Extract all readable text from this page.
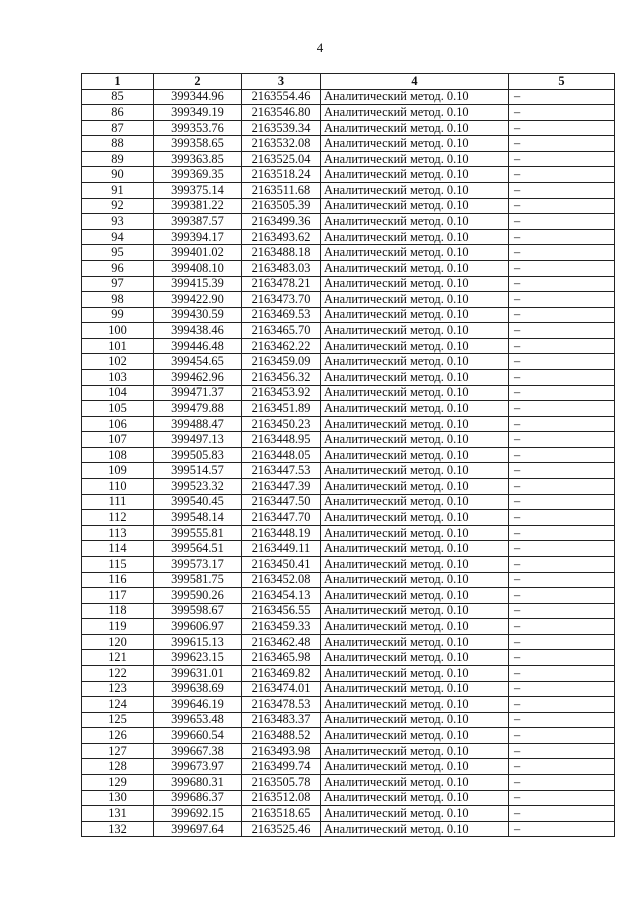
4
1	2	3	4	5
85	399344.96	2163554.46	Аналитический метод. 0.10	–
86	399349.19	2163546.80	Аналитический метод. 0.10	–
87	399353.76	2163539.34	Аналитический метод. 0.10	–
88	399358.65	2163532.08	Аналитический метод. 0.10	–
89	399363.85	2163525.04	Аналитический метод. 0.10	–
90	399369.35	2163518.24	Аналитический метод. 0.10	–
91	399375.14	2163511.68	Аналитический метод. 0.10	–
92	399381.22	2163505.39	Аналитический метод. 0.10	–
93	399387.57	2163499.36	Аналитический метод. 0.10	–
94	399394.17	2163493.62	Аналитический метод. 0.10	–
95	399401.02	2163488.18	Аналитический метод. 0.10	–
96	399408.10	2163483.03	Аналитический метод. 0.10	–
97	399415.39	2163478.21	Аналитический метод. 0.10	–
98	399422.90	2163473.70	Аналитический метод. 0.10	–
99	399430.59	2163469.53	Аналитический метод. 0.10	–
100	399438.46	2163465.70	Аналитический метод. 0.10	–
101	399446.48	2163462.22	Аналитический метод. 0.10	–
102	399454.65	2163459.09	Аналитический метод. 0.10	–
103	399462.96	2163456.32	Аналитический метод. 0.10	–
104	399471.37	2163453.92	Аналитический метод. 0.10	–
105	399479.88	2163451.89	Аналитический метод. 0.10	–
106	399488.47	2163450.23	Аналитический метод. 0.10	–
107	399497.13	2163448.95	Аналитический метод. 0.10	–
108	399505.83	2163448.05	Аналитический метод. 0.10	–
109	399514.57	2163447.53	Аналитический метод. 0.10	–
110	399523.32	2163447.39	Аналитический метод. 0.10	–
111	399540.45	2163447.50	Аналитический метод. 0.10	–
112	399548.14	2163447.70	Аналитический метод. 0.10	–
113	399555.81	2163448.19	Аналитический метод. 0.10	–
114	399564.51	2163449.11	Аналитический метод. 0.10	–
115	399573.17	2163450.41	Аналитический метод. 0.10	–
116	399581.75	2163452.08	Аналитический метод. 0.10	–
117	399590.26	2163454.13	Аналитический метод. 0.10	–
118	399598.67	2163456.55	Аналитический метод. 0.10	–
119	399606.97	2163459.33	Аналитический метод. 0.10	–
120	399615.13	2163462.48	Аналитический метод. 0.10	–
121	399623.15	2163465.98	Аналитический метод. 0.10	–
122	399631.01	2163469.82	Аналитический метод. 0.10	–
123	399638.69	2163474.01	Аналитический метод. 0.10	–
124	399646.19	2163478.53	Аналитический метод. 0.10	–
125	399653.48	2163483.37	Аналитический метод. 0.10	–
126	399660.54	2163488.52	Аналитический метод. 0.10	–
127	399667.38	2163493.98	Аналитический метод. 0.10	–
128	399673.97	2163499.74	Аналитический метод. 0.10	–
129	399680.31	2163505.78	Аналитический метод. 0.10	–
130	399686.37	2163512.08	Аналитический метод. 0.10	–
131	399692.15	2163518.65	Аналитический метод. 0.10	–
132	399697.64	2163525.46	Аналитический метод. 0.10	–
